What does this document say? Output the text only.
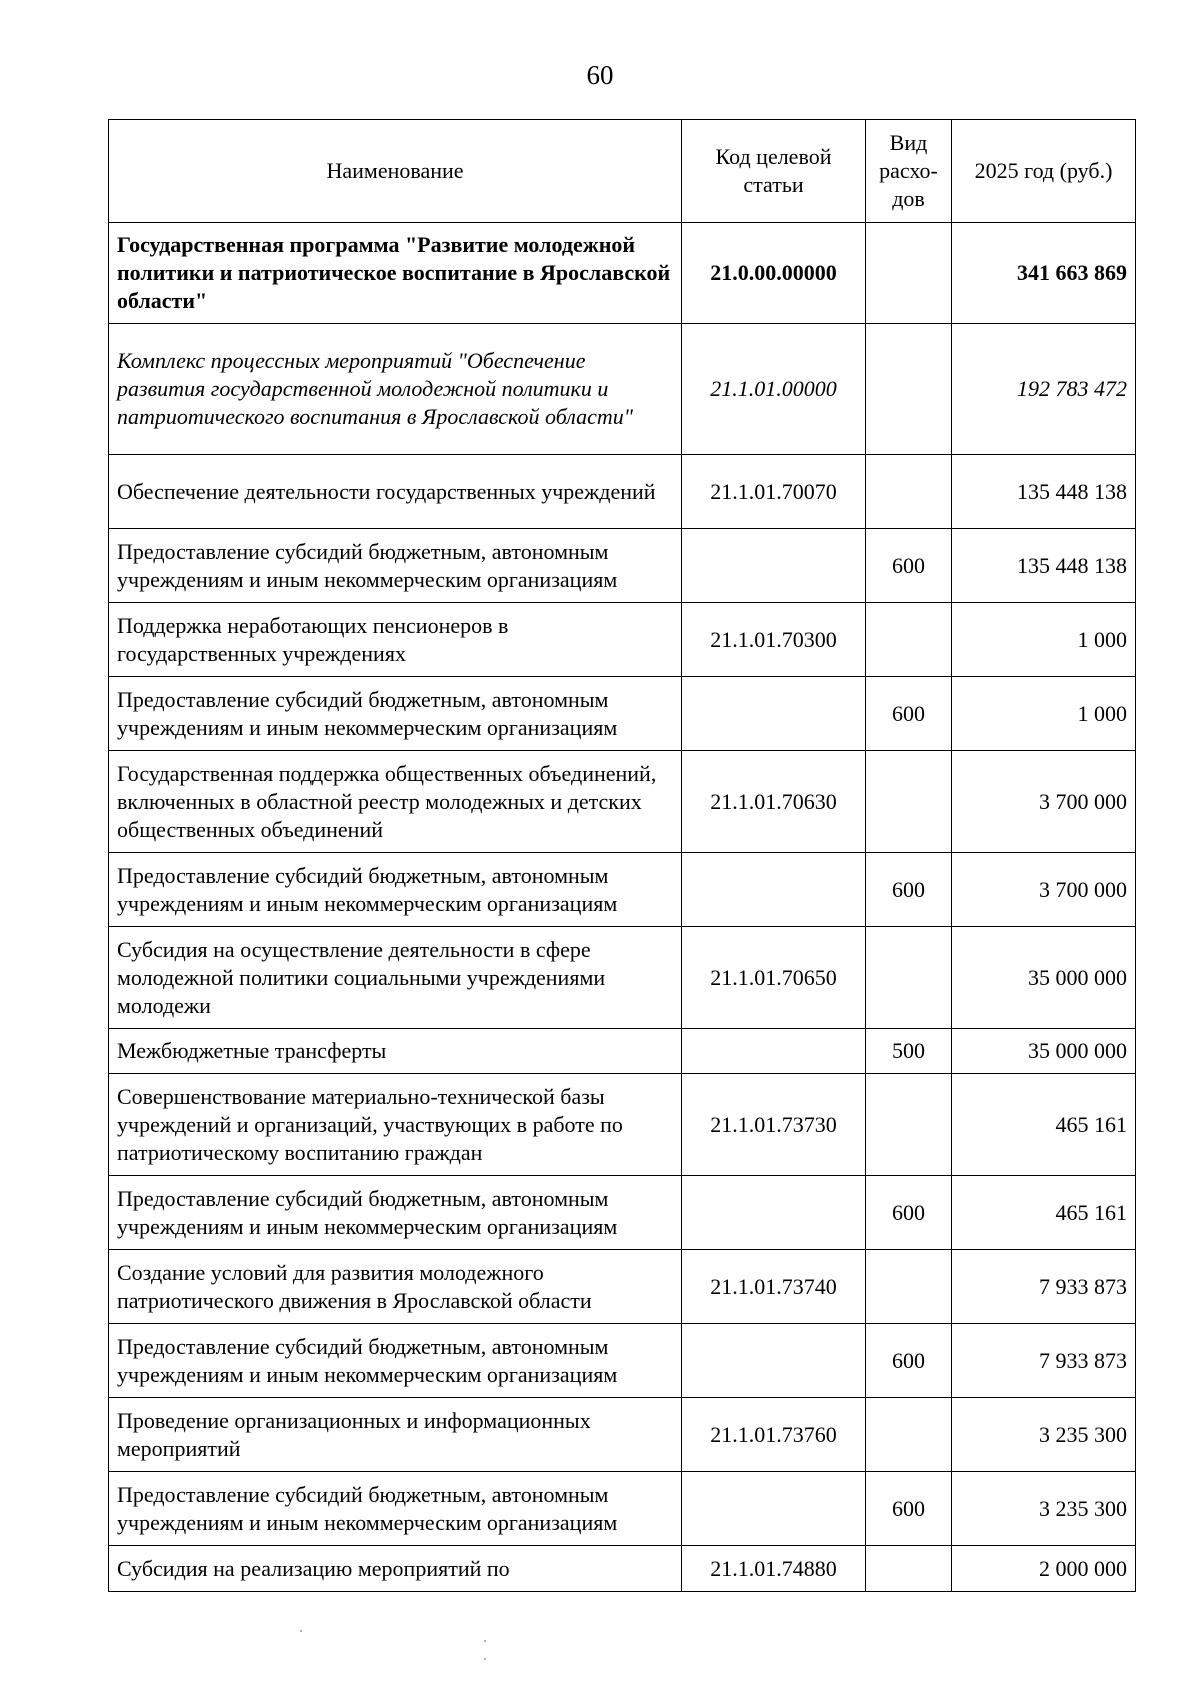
60
Наименование	Код целевой статьи	Вид расхо-дов	2025 год (руб.)
Государственная программа "Развитие молодежной политики и патриотическое воспитание в Ярославской области"	21.0.00.00000		341 663 869
Комплекс процессных мероприятий "Обеспечение развития государственной молодежной политики и патриотического воспитания в Ярославской области"	21.1.01.00000		192 783 472
Обеспечение деятельности государственных учреждений	21.1.01.70070		135 448 138
Предоставление субсидий бюджетным, автономным учреждениям и иным некоммерческим организациям		600	135 448 138
Поддержка неработающих пенсионеров в государственных учреждениях	21.1.01.70300		1 000
Предоставление субсидий бюджетным, автономным учреждениям и иным некоммерческим организациям		600	1 000
Государственная поддержка общественных объединений, включенных в областной реестр молодежных и детских общественных объединений	21.1.01.70630		3 700 000
Предоставление субсидий бюджетным, автономным учреждениям и иным некоммерческим организациям		600	3 700 000
Субсидия на осуществление деятельности в сфере молодежной политики социальными учреждениями молодежи	21.1.01.70650		35 000 000
Межбюджетные трансферты		500	35 000 000
Совершенствование материально-технической базы учреждений и организаций, участвующих в работе по патриотическому воспитанию граждан	21.1.01.73730		465 161
Предоставление субсидий бюджетным, автономным учреждениям и иным некоммерческим организациям		600	465 161
Создание условий для развития молодежного патриотического движения в Ярославской области	21.1.01.73740		7 933 873
Предоставление субсидий бюджетным, автономным учреждениям и иным некоммерческим организациям		600	7 933 873
Проведение организационных и информационных мероприятий	21.1.01.73760		3 235 300
Предоставление субсидий бюджетным, автономным учреждениям и иным некоммерческим организациям		600	3 235 300
Субсидия на реализацию мероприятий по	21.1.01.74880		2 000 000
